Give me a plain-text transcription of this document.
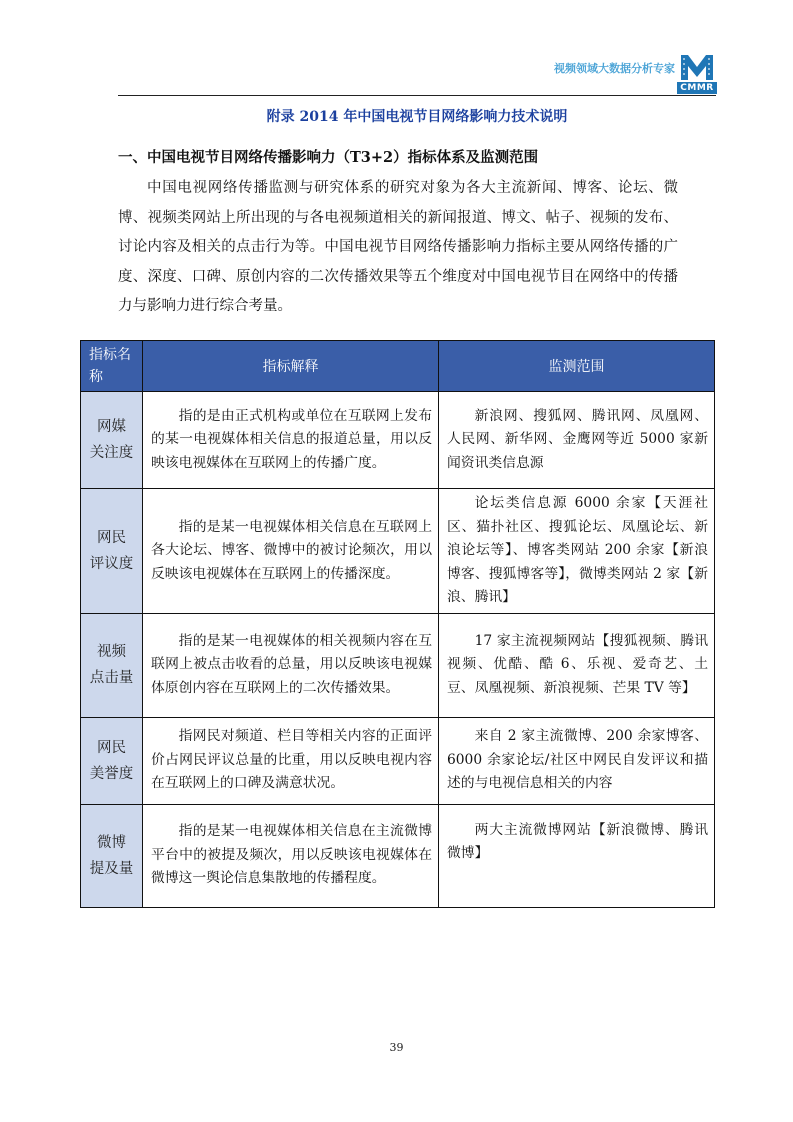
视频领域大数据分析专家
CMMR
附录 2014 年中国电视节目网络影响力技术说明
一、中国电视节目网络传播影响力（T3+2）指标体系及监测范围
中国电视网络传播监测与研究体系的研究对象为各大主流新闻、博客、论坛、微博、视频类网站上所出现的与各电视频道相关的新闻报道、博文、帖子、视频的发布、讨论内容及相关的点击行为等。中国电视节目网络传播影响力指标主要从网络传播的广度、深度、口碑、原创内容的二次传播效果等五个维度对中国电视节目在网络中的传播力与影响力进行综合考量。
指标名称	指标解释	监测范围
网媒
关注度	指的是由正式机构或单位在互联网上发布的某一电视媒体相关信息的报道总量，用以反映该电视媒体在互联网上的传播广度。	新浪网、搜狐网、腾讯网、凤凰网、人民网、新华网、金鹰网等近 5000 家新闻资讯类信息源

网民
评议度	指的是某一电视媒体相关信息在互联网上各大论坛、博客、微博中的被讨论频次，用以反映该电视媒体在互联网上的传播深度。	论坛类信息源 6000 余家【天涯社区、猫扑社区、搜狐论坛、凤凰论坛、新浪论坛等】、博客类网站 200 余家【新浪博客、搜狐博客等】，微博类网站 2 家【新浪、腾讯】

视频
点击量	指的是某一电视媒体的相关视频内容在互联网上被点击收看的总量，用以反映该电视媒体原创内容在互联网上的二次传播效果。	17 家主流视频网站【搜狐视频、腾讯视频、优酷、酷 6、乐视、爱奇艺、土豆、凤凰视频、新浪视频、芒果 TV 等】

网民
美誉度	指网民对频道、栏目等相关内容的正面评价占网民评议总量的比重，用以反映电视内容在互联网上的口碑及满意状况。	来自 2 家主流微博、200 余家博客、6000 余家论坛/社区中网民自发评议和描述的与电视信息相关的内容

微博
提及量	指的是某一电视媒体相关信息在主流微博平台中的被提及频次，用以反映该电视媒体在微博这一舆论信息集散地的传播程度。	两大主流微博网站【新浪微博、腾讯微博】
39
